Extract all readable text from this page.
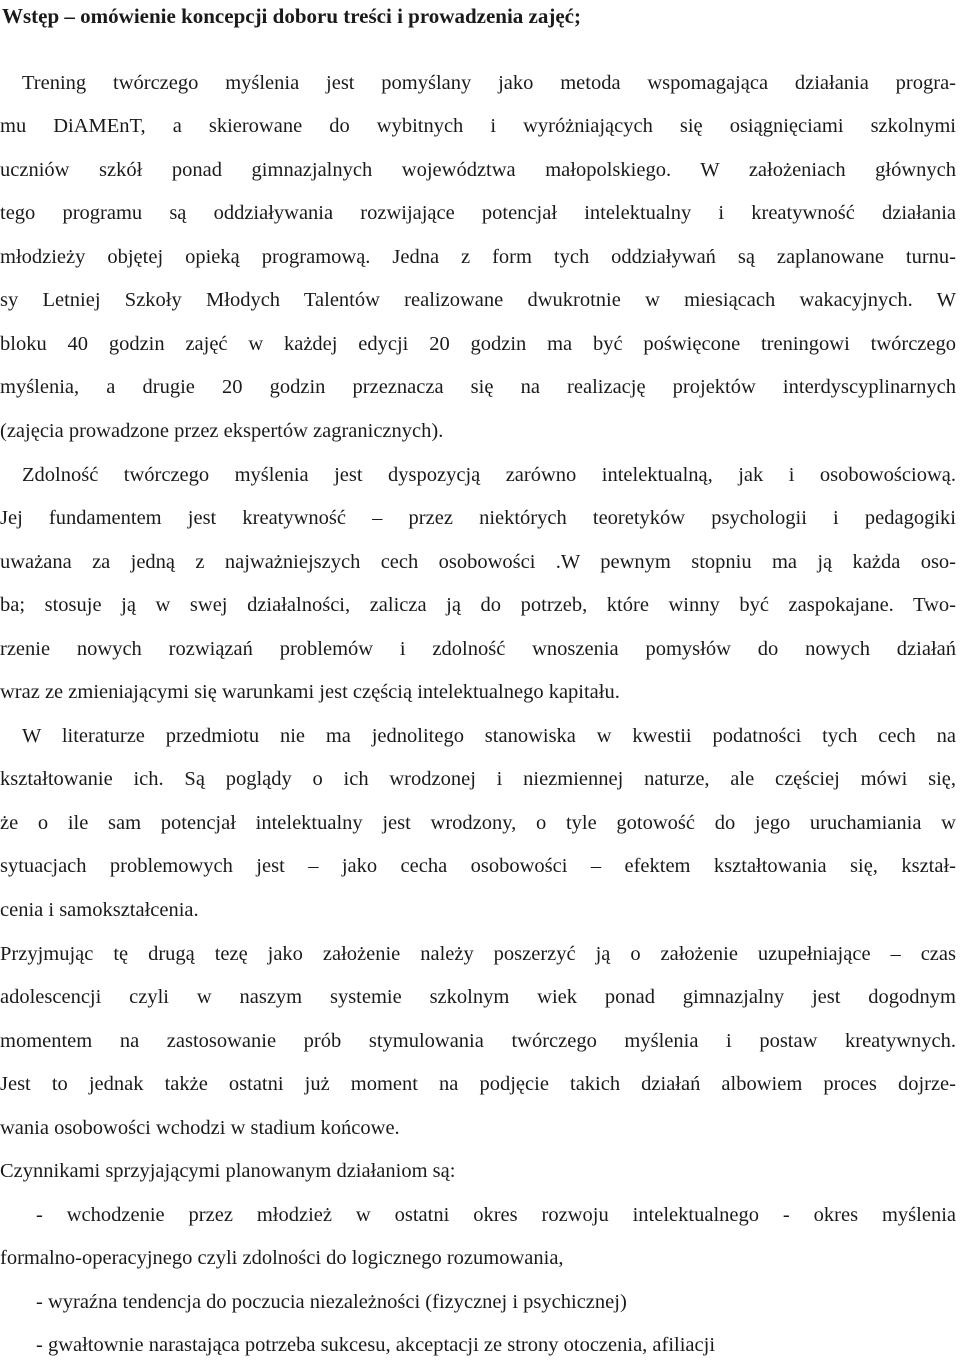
Wstęp – omówienie koncepcji doboru treści i prowadzenia zajęć;
Trening twórczego myślenia jest pomyślany jako metoda wspomagająca działania progra-
mu DiAMEnT, a skierowane do wybitnych i wyróżniających się osiągnięciami szkolnymi
uczniów szkół ponad gimnazjalnych województwa małopolskiego. W założeniach głównych
tego programu są oddziaływania rozwijające potencjał intelektualny i kreatywność działania
młodzieży objętej opieką programową. Jedna z form tych oddziaływań są zaplanowane turnu-
sy Letniej Szkoły Młodych Talentów realizowane dwukrotnie w miesiącach wakacyjnych. W
bloku 40 godzin zajęć w każdej edycji 20 godzin ma być poświęcone treningowi twórczego
myślenia, a drugie 20 godzin przeznacza się na realizację projektów interdyscyplinarnych
(zajęcia prowadzone przez ekspertów zagranicznych).
Zdolność twórczego myślenia jest dyspozycją zarówno intelektualną, jak i osobowościową.
Jej fundamentem jest kreatywność – przez niektórych teoretyków psychologii i pedagogiki
uważana za jedną z najważniejszych cech osobowości .W pewnym stopniu ma ją każda oso-
ba; stosuje ją w swej działalności, zalicza ją do potrzeb, które winny być zaspokajane. Two-
rzenie nowych rozwiązań problemów i zdolność wnoszenia pomysłów do nowych działań
wraz ze zmieniającymi się warunkami jest częścią intelektualnego kapitału.
W literaturze przedmiotu nie ma jednolitego stanowiska w kwestii podatności tych cech na
kształtowanie ich. Są poglądy o ich wrodzonej i niezmiennej naturze, ale częściej mówi się,
że o ile sam potencjał intelektualny jest wrodzony, o tyle gotowość do jego uruchamiania w
sytuacjach problemowych jest – jako cecha osobowości – efektem kształtowania się, kształ-
cenia i samokształcenia.
Przyjmując tę drugą tezę jako założenie należy poszerzyć ją o założenie uzupełniające – czas
adolescencji czyli w naszym systemie szkolnym wiek ponad gimnazjalny jest dogodnym
momentem na zastosowanie prób stymulowania twórczego myślenia i postaw kreatywnych.
Jest to jednak także ostatni już moment na podjęcie takich działań albowiem proces dojrze-
wania osobowości wchodzi w stadium końcowe.
Czynnikami sprzyjającymi planowanym działaniom są:
- wchodzenie przez młodzież w ostatni okres rozwoju intelektualnego - okres myślenia
formalno-operacyjnego czyli zdolności do logicznego rozumowania,
- wyraźna tendencja do poczucia niezależności (fizycznej i psychicznej)
- gwałtownie narastająca potrzeba sukcesu, akceptacji ze strony otoczenia, afiliacji
